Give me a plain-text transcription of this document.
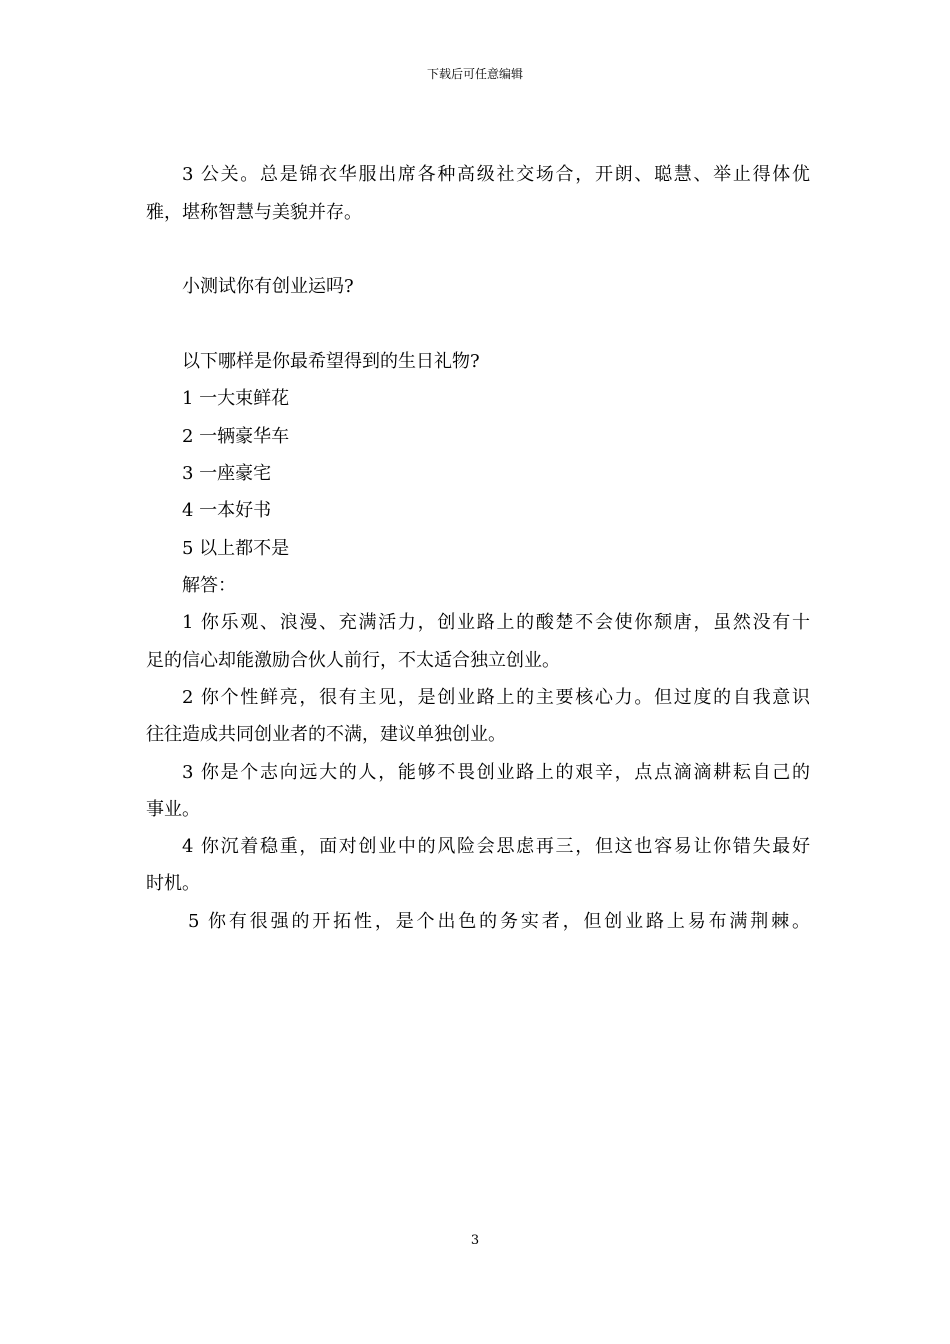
下载后可任意编辑
3 公关。总是锦衣华服出席各种高级社交场合，开朗、聪慧、举止得体优
雅，堪称智慧与美貌并存。
小测试你有创业运吗?
以下哪样是你最希望得到的生日礼物?
1 一大束鲜花
2 一辆豪华车
3 一座豪宅
4 一本好书
5 以上都不是
解答：
1 你乐观、浪漫、充满活力，创业路上的酸楚不会使你颓唐，虽然没有十
足的信心却能激励合伙人前行，不太适合独立创业。
2 你个性鲜亮，很有主见，是创业路上的主要核心力。但过度的自我意识
往往造成共同创业者的不满，建议单独创业。
3 你是个志向远大的人，能够不畏创业路上的艰辛，点点滴滴耕耘自己的
事业。
4 你沉着稳重，面对创业中的风险会思虑再三，但这也容易让你错失最好
时机。
5 你有很强的开拓性，是个出色的务实者，但创业路上易布满荆棘。
3
